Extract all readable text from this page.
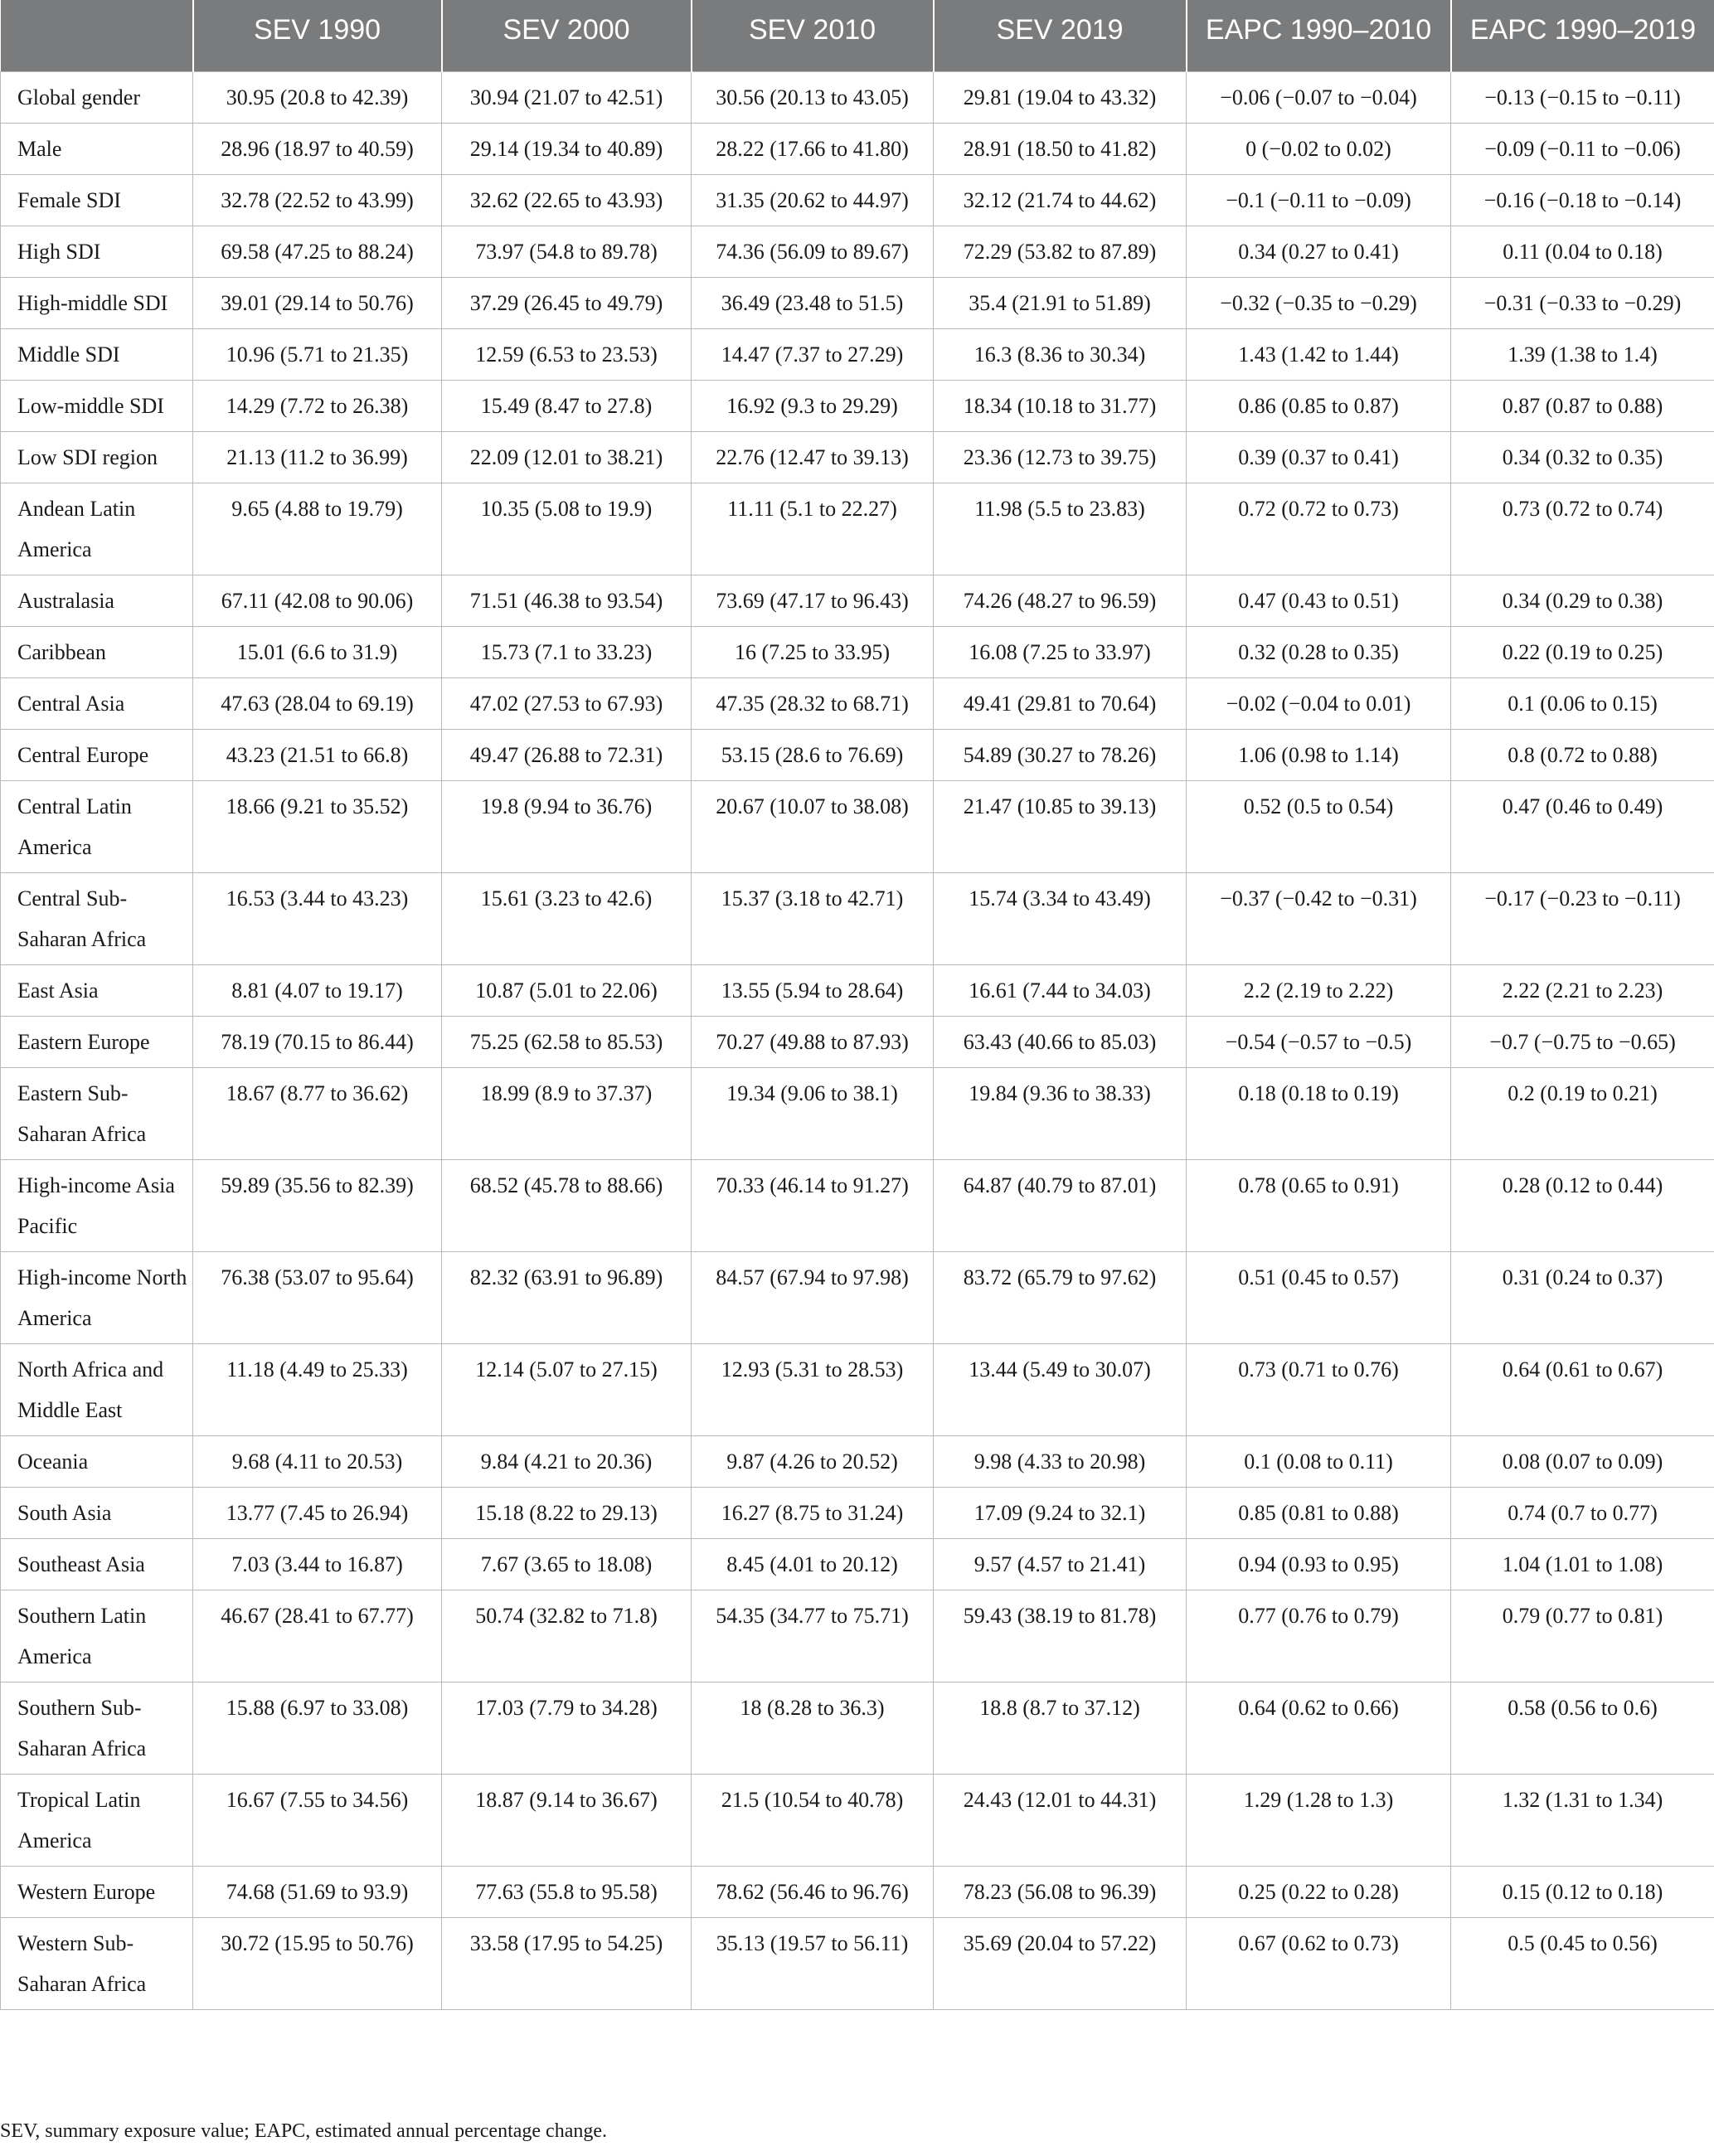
	SEV 1990	SEV 2000	SEV 2010	SEV 2019	EAPC 1990–2010	EAPC 1990–2019
Global gender	30.95 (20.8 to 42.39)	30.94 (21.07 to 42.51)	30.56 (20.13 to 43.05)	29.81 (19.04 to 43.32)	−0.06 (−0.07 to −0.04)	−0.13 (−0.15 to −0.11)
Male	28.96 (18.97 to 40.59)	29.14 (19.34 to 40.89)	28.22 (17.66 to 41.80)	28.91 (18.50 to 41.82)	0 (−0.02 to 0.02)	−0.09 (−0.11 to −0.06)
Female SDI	32.78 (22.52 to 43.99)	32.62 (22.65 to 43.93)	31.35 (20.62 to 44.97)	32.12 (21.74 to 44.62)	−0.1 (−0.11 to −0.09)	−0.16 (−0.18 to −0.14)
High SDI	69.58 (47.25 to 88.24)	73.97 (54.8 to 89.78)	74.36 (56.09 to 89.67)	72.29 (53.82 to 87.89)	0.34 (0.27 to 0.41)	0.11 (0.04 to 0.18)
High-middle SDI	39.01 (29.14 to 50.76)	37.29 (26.45 to 49.79)	36.49 (23.48 to 51.5)	35.4 (21.91 to 51.89)	−0.32 (−0.35 to −0.29)	−0.31 (−0.33 to −0.29)
Middle SDI	10.96 (5.71 to 21.35)	12.59 (6.53 to 23.53)	14.47 (7.37 to 27.29)	16.3 (8.36 to 30.34)	1.43 (1.42 to 1.44)	1.39 (1.38 to 1.4)
Low-middle SDI	14.29 (7.72 to 26.38)	15.49 (8.47 to 27.8)	16.92 (9.3 to 29.29)	18.34 (10.18 to 31.77)	0.86 (0.85 to 0.87)	0.87 (0.87 to 0.88)
Low SDI region	21.13 (11.2 to 36.99)	22.09 (12.01 to 38.21)	22.76 (12.47 to 39.13)	23.36 (12.73 to 39.75)	0.39 (0.37 to 0.41)	0.34 (0.32 to 0.35)
Andean Latin America	9.65 (4.88 to 19.79)	10.35 (5.08 to 19.9)	11.11 (5.1 to 22.27)	11.98 (5.5 to 23.83)	0.72 (0.72 to 0.73)	0.73 (0.72 to 0.74)
Australasia	67.11 (42.08 to 90.06)	71.51 (46.38 to 93.54)	73.69 (47.17 to 96.43)	74.26 (48.27 to 96.59)	0.47 (0.43 to 0.51)	0.34 (0.29 to 0.38)
Caribbean	15.01 (6.6 to 31.9)	15.73 (7.1 to 33.23)	16 (7.25 to 33.95)	16.08 (7.25 to 33.97)	0.32 (0.28 to 0.35)	0.22 (0.19 to 0.25)
Central Asia	47.63 (28.04 to 69.19)	47.02 (27.53 to 67.93)	47.35 (28.32 to 68.71)	49.41 (29.81 to 70.64)	−0.02 (−0.04 to 0.01)	0.1 (0.06 to 0.15)
Central Europe	43.23 (21.51 to 66.8)	49.47 (26.88 to 72.31)	53.15 (28.6 to 76.69)	54.89 (30.27 to 78.26)	1.06 (0.98 to 1.14)	0.8 (0.72 to 0.88)
Central Latin America	18.66 (9.21 to 35.52)	19.8 (9.94 to 36.76)	20.67 (10.07 to 38.08)	21.47 (10.85 to 39.13)	0.52 (0.5 to 0.54)	0.47 (0.46 to 0.49)
Central Sub-Saharan Africa	16.53 (3.44 to 43.23)	15.61 (3.23 to 42.6)	15.37 (3.18 to 42.71)	15.74 (3.34 to 43.49)	−0.37 (−0.42 to −0.31)	−0.17 (−0.23 to −0.11)
East Asia	8.81 (4.07 to 19.17)	10.87 (5.01 to 22.06)	13.55 (5.94 to 28.64)	16.61 (7.44 to 34.03)	2.2 (2.19 to 2.22)	2.22 (2.21 to 2.23)
Eastern Europe	78.19 (70.15 to 86.44)	75.25 (62.58 to 85.53)	70.27 (49.88 to 87.93)	63.43 (40.66 to 85.03)	−0.54 (−0.57 to −0.5)	−0.7 (−0.75 to −0.65)
Eastern Sub-Saharan Africa	18.67 (8.77 to 36.62)	18.99 (8.9 to 37.37)	19.34 (9.06 to 38.1)	19.84 (9.36 to 38.33)	0.18 (0.18 to 0.19)	0.2 (0.19 to 0.21)
High-income Asia Pacific	59.89 (35.56 to 82.39)	68.52 (45.78 to 88.66)	70.33 (46.14 to 91.27)	64.87 (40.79 to 87.01)	0.78 (0.65 to 0.91)	0.28 (0.12 to 0.44)
High-income North America	76.38 (53.07 to 95.64)	82.32 (63.91 to 96.89)	84.57 (67.94 to 97.98)	83.72 (65.79 to 97.62)	0.51 (0.45 to 0.57)	0.31 (0.24 to 0.37)
North Africa and Middle East	11.18 (4.49 to 25.33)	12.14 (5.07 to 27.15)	12.93 (5.31 to 28.53)	13.44 (5.49 to 30.07)	0.73 (0.71 to 0.76)	0.64 (0.61 to 0.67)
Oceania	9.68 (4.11 to 20.53)	9.84 (4.21 to 20.36)	9.87 (4.26 to 20.52)	9.98 (4.33 to 20.98)	0.1 (0.08 to 0.11)	0.08 (0.07 to 0.09)
South Asia	13.77 (7.45 to 26.94)	15.18 (8.22 to 29.13)	16.27 (8.75 to 31.24)	17.09 (9.24 to 32.1)	0.85 (0.81 to 0.88)	0.74 (0.7 to 0.77)
Southeast Asia	7.03 (3.44 to 16.87)	7.67 (3.65 to 18.08)	8.45 (4.01 to 20.12)	9.57 (4.57 to 21.41)	0.94 (0.93 to 0.95)	1.04 (1.01 to 1.08)
Southern Latin America	46.67 (28.41 to 67.77)	50.74 (32.82 to 71.8)	54.35 (34.77 to 75.71)	59.43 (38.19 to 81.78)	0.77 (0.76 to 0.79)	0.79 (0.77 to 0.81)
Southern Sub-Saharan Africa	15.88 (6.97 to 33.08)	17.03 (7.79 to 34.28)	18 (8.28 to 36.3)	18.8 (8.7 to 37.12)	0.64 (0.62 to 0.66)	0.58 (0.56 to 0.6)
Tropical Latin America	16.67 (7.55 to 34.56)	18.87 (9.14 to 36.67)	21.5 (10.54 to 40.78)	24.43 (12.01 to 44.31)	1.29 (1.28 to 1.3)	1.32 (1.31 to 1.34)
Western Europe	74.68 (51.69 to 93.9)	77.63 (55.8 to 95.58)	78.62 (56.46 to 96.76)	78.23 (56.08 to 96.39)	0.25 (0.22 to 0.28)	0.15 (0.12 to 0.18)
Western Sub-Saharan Africa	30.72 (15.95 to 50.76)	33.58 (17.95 to 54.25)	35.13 (19.57 to 56.11)	35.69 (20.04 to 57.22)	0.67 (0.62 to 0.73)	0.5 (0.45 to 0.56)

SEV, summary exposure value; EAPC, estimated annual percentage change.
